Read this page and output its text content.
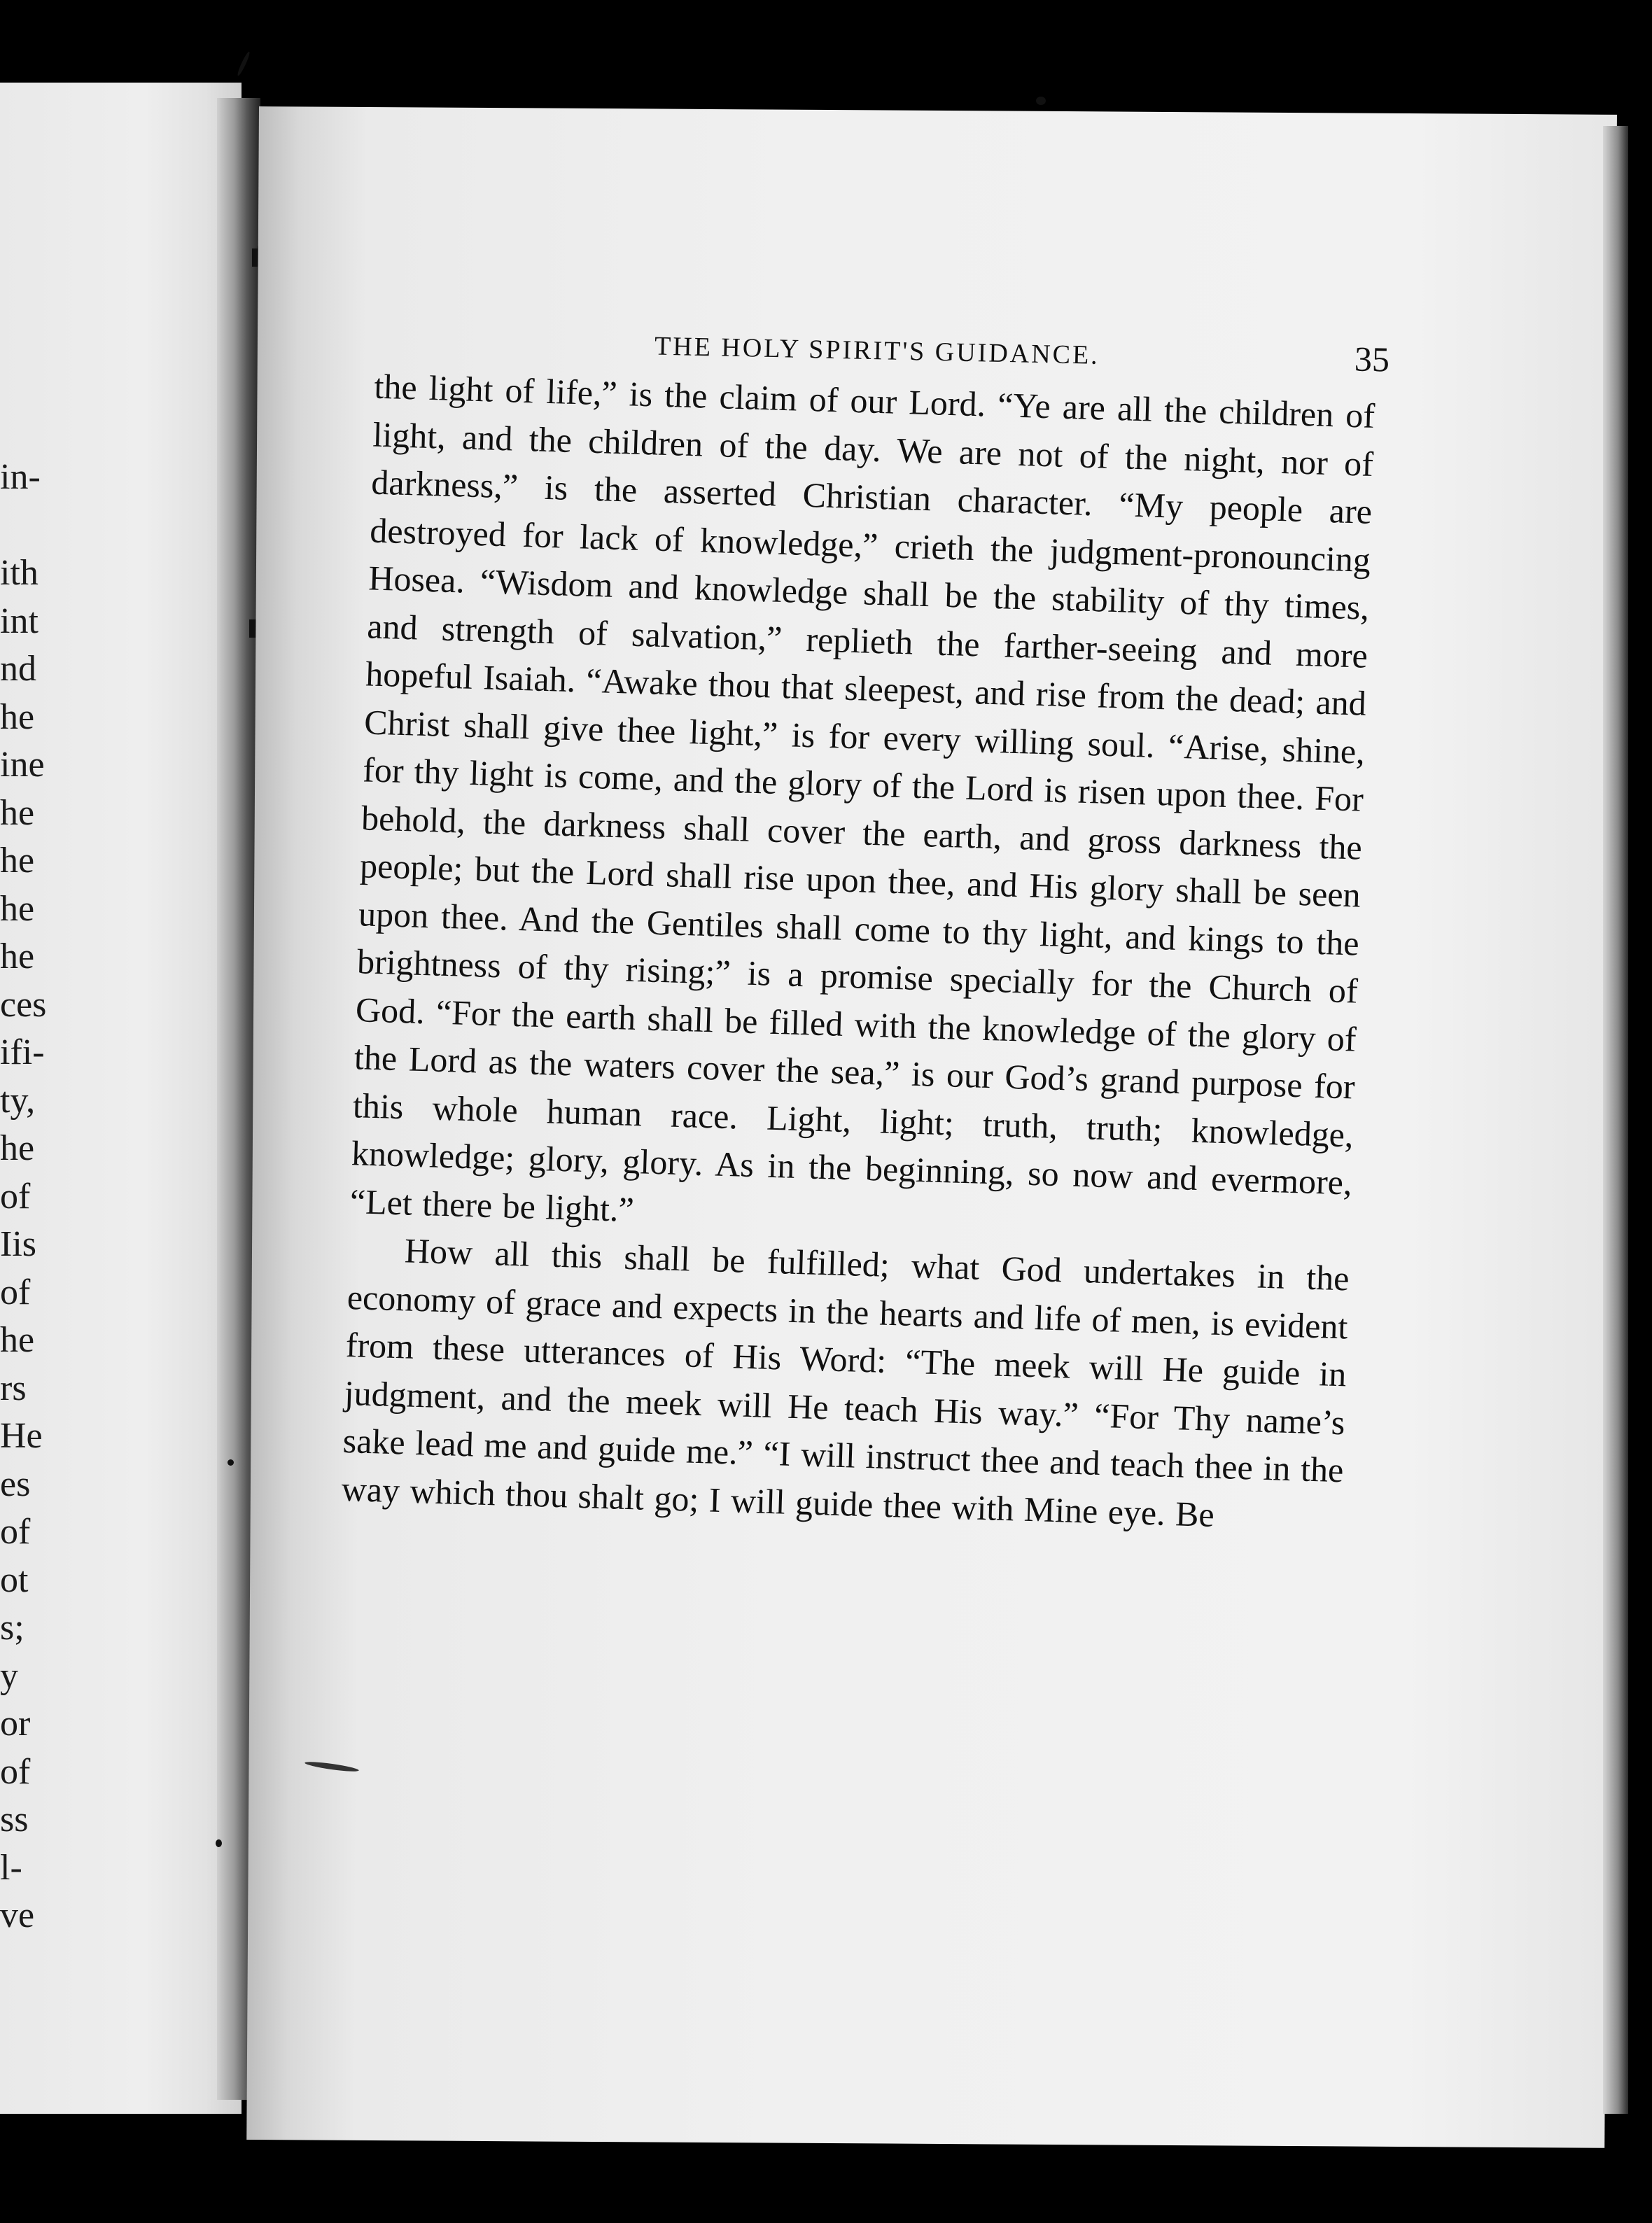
in-
ith
int
nd
he
ine
he
he
he
he
ces
ifi-
ty,
he
of
Iis
of
he
rs
He
es
of
ot
s;
y
or
of
ss
l-
ve
THE HOLY SPIRIT'S GUIDANCE.	35

the light of life,” is the claim of our Lord. “Ye are all the children of light, and the children of the day. We are not of the night, nor of darkness,” is the asserted Christian character. “My people are destroyed for lack of knowledge,” crieth the judgment-pronouncing Hosea. “Wisdom and knowledge shall be the stability of thy times, and strength of salvation,” replieth the farther-seeing and more hopeful Isaiah. “Awake thou that sleepest, and rise from the dead; and Christ shall give thee light,” is for every willing soul. “Arise, shine, for thy light is come, and the glory of the Lord is risen upon thee. For behold, the darkness shall cover the earth, and gross darkness the people; but the Lord shall rise upon thee, and His glory shall be seen upon thee. And the Gentiles shall come to thy light, and kings to the brightness of thy rising;” is a promise specially for the Church of God. “For the earth shall be filled with the knowledge of the glory of the Lord as the waters cover the sea,” is our God’s grand purpose for this whole human race. Light, light; truth, truth; knowledge, knowledge; glory, glory. As in the beginning, so now and evermore, “Let there be light.”

How all this shall be fulfilled; what God undertakes in the economy of grace and expects in the hearts and life of men, is evident from these utterances of His Word: “The meek will He guide in judgment, and the meek will He teach His way.” “For Thy name’s sake lead me and guide me.” “I will instruct thee and teach thee in the way which thou shalt go; I will guide thee with Mine eye. Be
